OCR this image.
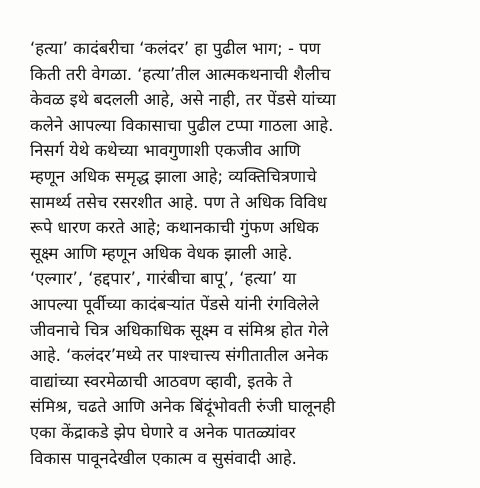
‘हत्या’ कादंबरीचा ‘कलंदर’ हा पुढील भाग; - पण
किती तरी वेगळा. ‘हत्या’तील आत्मकथनाची शैलीच
केवळ इथे बदलली आहे, असे नाही, तर पेंडसे यांच्या
कलेने आपल्या विकासाचा पुढील टप्पा गाठला आहे.
निसर्ग येथे कथेच्या भावगुणाशी एकजीव आणि
म्हणून अधिक समृद्ध झाला आहे; व्यक्तिचित्रणाचे
सामर्थ्य तसेच रसरशीत आहे. पण ते अधिक विविध
रूपे धारण करते आहे; कथानकाची गुंफण अधिक
सूक्ष्म आणि म्हणून अधिक वेधक झाली आहे.
‘एल्गार’, ‘हद्दपार’, गारंबीचा बापू’, ‘हत्या’ या
आपल्या पूर्वीच्या कादंबऱ्यांत पेंडसे यांनी रंगविलेले
जीवनाचे चित्र अधिकाधिक सूक्ष्म व संमिश्र होत गेले
आहे. ‘कलंदर’मध्ये तर पाश्चात्त्य संगीतातील अनेक
वाद्यांच्या स्वरमेळाची आठवण व्हावी, इतके ते
संमिश्र, चढते आणि अनेक बिंदूंभोवती रुंजी घालूनही
एका केंद्राकडे झेप घेणारे व अनेक पातळ्यांवर
विकास पावूनदेखील एकात्म व सुसंवादी आहे.
